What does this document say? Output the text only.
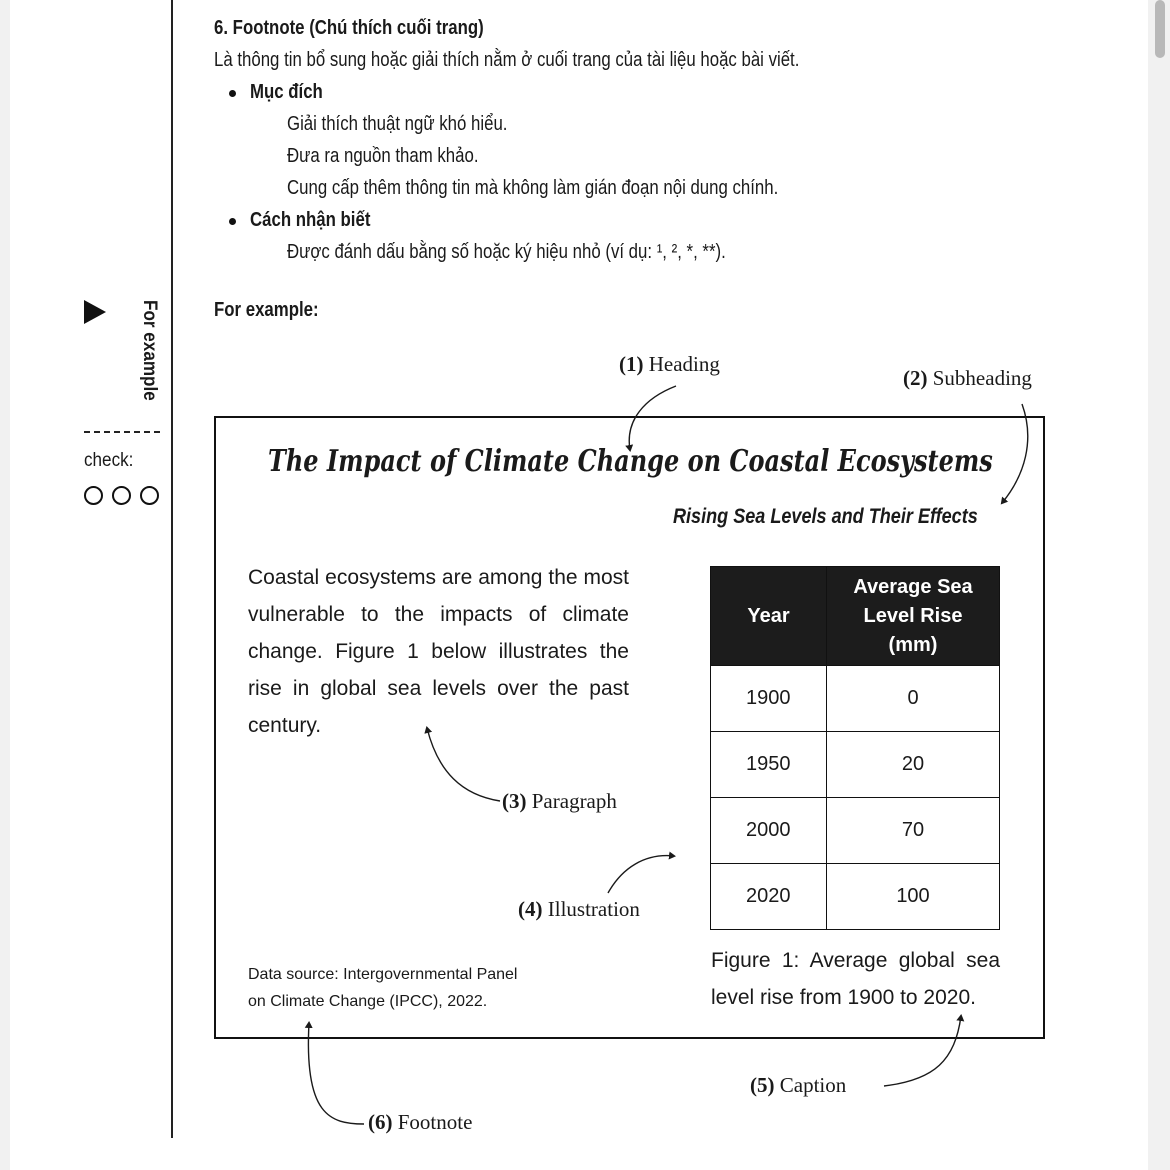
6. Footnote (Chú thích cuối trang)
Là thông tin bổ sung hoặc giải thích nằm ở cuối trang của tài liệu hoặc bài viết.
Mục đích
Giải thích thuật ngữ khó hiểu.
Đưa ra nguồn tham khảo.
Cung cấp thêm thông tin mà không làm gián đoạn nội dung chính.
Cách nhận biết
Được đánh dấu bằng số hoặc ký hiệu nhỏ (ví dụ: ¹, ², *, **).
For example:
For example
check:	The Impact of Climate Change on Coastal Ecosystems
Rising Sea Levels and Their Effects
Coastal ecosystems are among the most vulnerable to the impacts of climate change. Figure 1 below illustrates the rise in global sea levels over the past century.
Year	Average Sea Level Rise (mm)
1900	0
1950	20
2000	70
2020	100
Figure 1: Average global sea level rise from 1900 to 2020.
Data source: Intergovernmental Panel on Climate Change (IPCC), 2022.
(1) Heading
(2) Subheading
(3) Paragraph
(4) Illustration
(5) Caption
(6) Footnote
